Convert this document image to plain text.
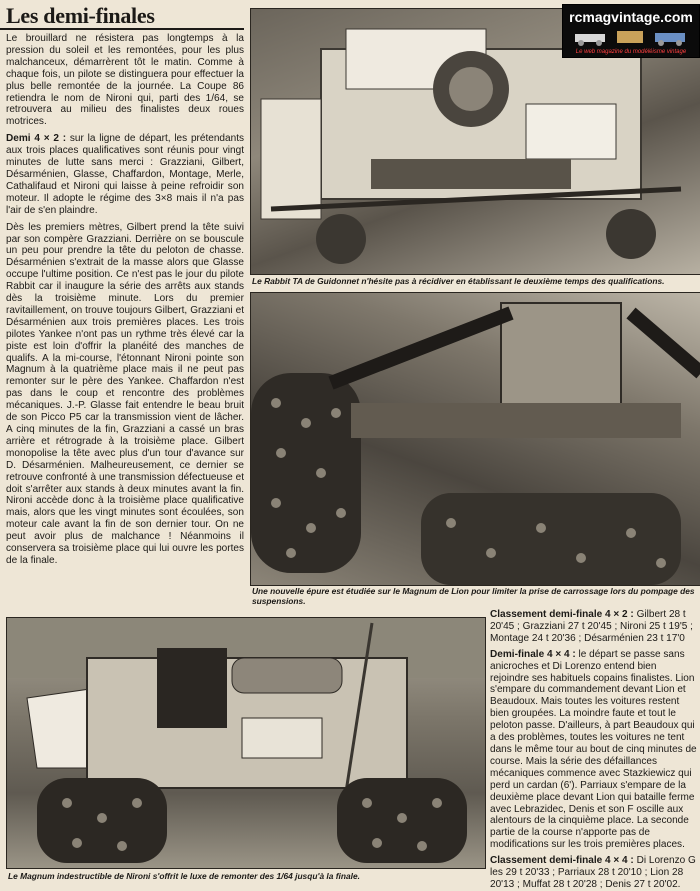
Les demi-finales

Le brouillard ne résistera pas longtemps à la pression du soleil et les remontées, pour les plus malchanceux, démarrèrent tôt le matin. Comme à chaque fois, un pilote se distinguera pour effectuer la plus belle remontée de la journée. La Coupe 86 retiendra le nom de Nironi qui, parti des 1/64, se retrouvera au milieu des finalistes deux roues motrices.

Demi 4 × 2 : sur la ligne de départ, les prétendants aux trois places qualificatives sont réunis pour vingt minutes de lutte sans merci : Grazziani, Gilbert, Désarménien, Glasse, Chaffardon, Montage, Merle, Cathalifaud et Nironi qui laisse à peine refroidir son moteur. Il adopte le régime des 3×8 mais il n'a pas l'air de s'en plaindre.

Dès les premiers mètres, Gilbert prend la tête suivi par son compère Grazziani. Derrière on se bouscule un peu pour prendre la tête du peloton de chasse. Désarménien s'extrait de la masse alors que Glasse occupe l'ultime position. Ce n'est pas le jour du pilote Rabbit car il inaugure la série des arrêts aux stands dès la troisième minute. Lors du premier ravitaillement, on trouve toujours Gilbert, Grazziani et Désarménien aux trois premières places. Les trois pilotes Yankee n'ont pas un rythme très élevé car la piste est loin d'offrir la planéité des manches de qualifs. A la mi-course, l'étonnant Nironi pointe son Magnum à la quatrième place mais il ne peut pas remonter sur le père des Yankee. Chaffardon n'est pas dans le coup et rencontre des problèmes mécaniques. J.-P. Glasse fait entendre le beau bruit de son Picco P5 car la transmission vient de lâcher. A cinq minutes de la fin, Grazziani a cassé un bras arrière et rétrograde à la troisième place. Gilbert monopolise la tête avec plus d'un tour d'avance sur D. Désarménien. Malheureusement, ce dernier se retrouve confronté à une transmission défectueuse et doit s'arrêter aux stands à deux minutes avant la fin. Nironi accède donc à la troisième place qualificative mais, alors que les vingt minutes sont écoulées, son moteur cale avant la fin de son dernier tour. On ne peut avoir plus de malchance ! Néanmoins il conservera sa troisième place qui lui ouvre les portes de la finale.

Le Rabbit TA de Guidonnet n'hésite pas à récidiver en établissant le deuxième temps des qualifications.
rcmagvintage.com
Le web magazine du modéléisme vintage
Une nouvelle épure est étudiée sur le Magnum de Lion pour limiter la prise de carrossage lors du pompage des suspensions.
Le Magnum indestructible de Nironi s'offrit le luxe de remonter des 1/64 jusqu'à la finale.

Classement demi-finale 4 × 2 : Gilbert 28 t 20'45 ; Grazziani 27 t 20'45 ; Nironi 25 t 19'5 ; Montage 24 t 20'36 ; Désarménien 23 t 17'0

Demi-finale 4 × 4 : le départ se passe sans anicroches et Di Lorenzo entend bien rejoindre ses habituels copains finalistes. Lion s'empare du commandement devant Lion et Beaudoux. Mais toutes les voitures restent bien groupées. La moindre faute et tout le peloton passe. D'ailleurs, à part Beaudoux qui a des problèmes, toutes les voitures ne tent dans le même tour au bout de cinq minutes de course. Mais la série des défaillances mécaniques commence avec Stazkiewicz qui perd un cardan (6'). Parriaux s'empare de la deuxième place devant Lion qui bataille ferme avec Lebrazidec, Denis et son F oscille aux alentours de la cinquième place. La seconde partie de la course n'apporte pas de modifications sur les trois premières places.

Classement demi-finale 4 × 4 : Di Lorenzo G les 29 t 20'33 ; Parriaux 28 t 20'10 ; Lion 28 20'13 ; Muffat 28 t 20'28 ; Denis 27 t 20'02.
